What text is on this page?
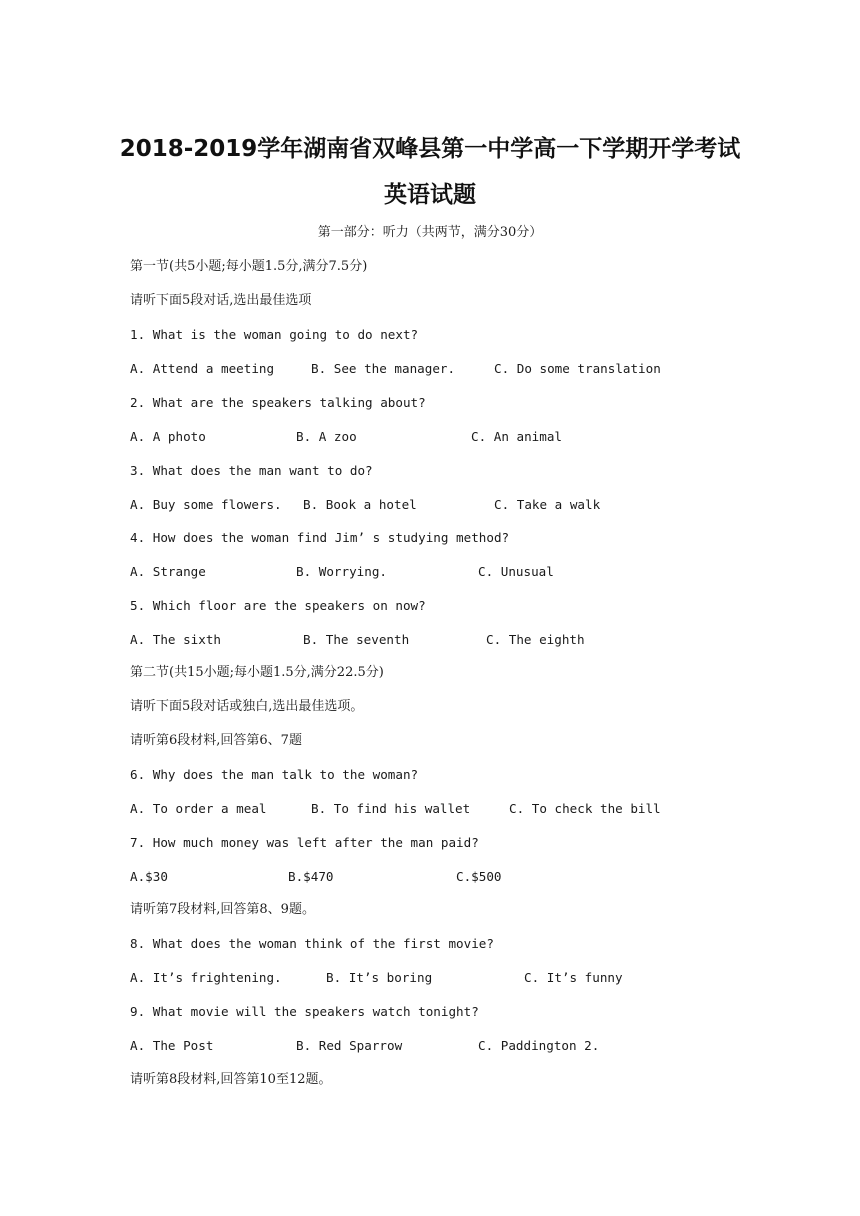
2018-2019学年湖南省双峰县第一中学高一下学期开学考试
英语试题
第一部分：听力（共两节，满分30分）
第一节(共5小题;每小题1.5分,满分7.5分)
请听下面5段对话,选出最佳选项
1. What is the woman going to do next?
A. Attend a meeting	B. See the manager.	C. Do some translation
2. What are the speakers talking about?
A. A photo	B. A zoo	C. An animal
3. What does the man want to do?
A. Buy some flowers. B. Book a hotel	C. Take a walk
4. How does the woman find Jim’ s studying method?
A. Strange	B. Worrying.	C. Unusual
5. Which floor are the speakers on now?
A. The sixth	B. The seventh	C. The eighth
第二节(共15小题;每小题1.5分,满分22.5分)
请听下面5段对话或独白,选出最佳选项。
请听第6段材料,回答第6、7题
6. Why does the man talk to the woman?
A. To order a meal	B. To find his wallet	C. To check the bill
7. How much money was left after the man paid?
A.$30	B.$470	C.$500
请听第7段材料,回答第8、9题。
8. What does the woman think of the first movie?
A. It’s frightening.	B. It’s boring	C. It’s funny
9. What movie will the speakers watch tonight?
A. The Post	B. Red Sparrow	C. Paddington 2.
请听第8段材料,回答第10至12题。
